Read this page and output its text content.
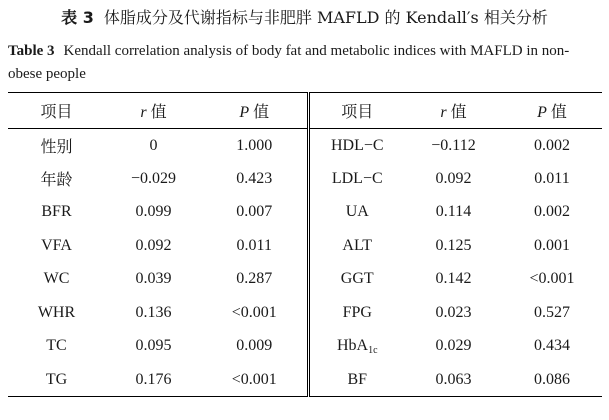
表 3 体脂成分及代谢指标与非肥胖 MAFLD 的 Kendall′s 相关分析
Table 3 Kendall correlation analysis of body fat and metabolic indices with MAFLD in non-obese people
项目	r 值	P 值	项目	r 值	P 值
性别	0	1.000	HDL−C	−0.112	0.002
年龄	−0.029	0.423	LDL−C	0.092	0.011
BFR	0.099	0.007	UA	0.114	0.002
VFA	0.092	0.011	ALT	0.125	0.001
WC	0.039	0.287	GGT	0.142	<0.001
WHR	0.136	<0.001	FPG	0.023	0.527
TC	0.095	0.009	HbA$_{1c}$	0.029	0.434
TG	0.176	<0.001	BF	0.063	0.086
